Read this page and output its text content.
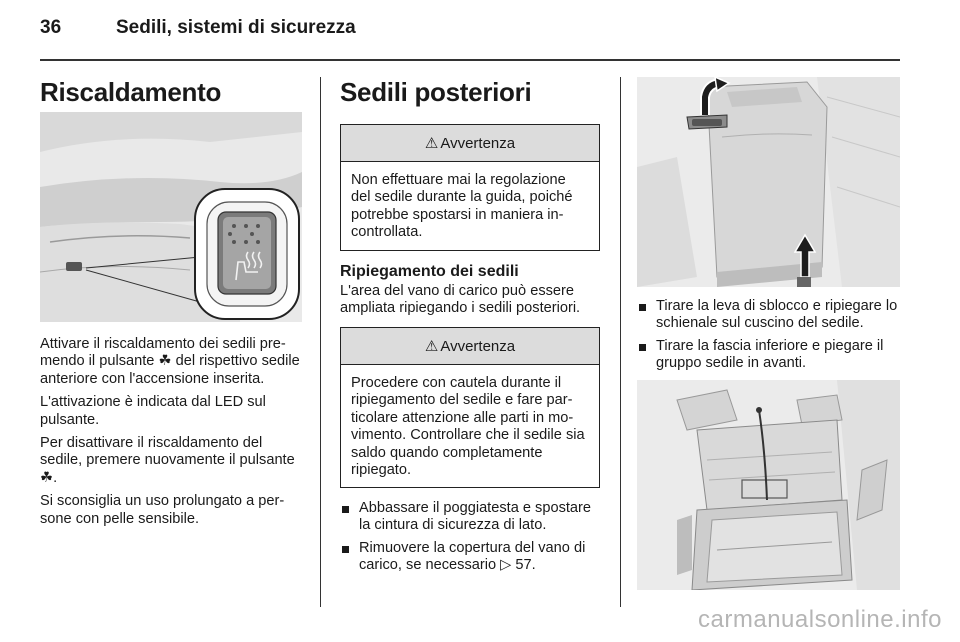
36	Sedili, sistemi di sicurezza
Riscaldamento

Attivare il riscaldamento dei sedili premendo il pulsante ☘ del rispettivo sedile anteriore con l'accensione inserita.

L'attivazione è indicata dal LED sul pulsante.

Per disattivare il riscaldamento del sedile, premere nuovamente il pulsante ☘.

Si sconsiglia un uso prolungato a persone con pelle sensibile.

Sedili posteriori
⚠ Avvertenza
Non effettuare mai la regolazione del sedile durante la guida, poiché potrebbe spostarsi in maniera incontrollata.
Ripiegamento dei sedili
L'area del vano di carico può essere ampliata ripiegando i sedili posteriori.
⚠ Avvertenza
Procedere con cautela durante il ripiegamento del sedile e fare particolare attenzione alle parti in movimento. Controllare che il sedile sia saldo quando completamente ripiegato.
Abbassare il poggiatesta e spostare la cintura di sicurezza di lato.
Rimuovere la copertura del vano di carico, se necessario ▷ 57.
Tirare la leva di sblocco e ripiegare lo schienale sul cuscino del sedile.
Tirare la fascia inferiore e piegare il gruppo sedile in avanti.
carmanualsonline.info
